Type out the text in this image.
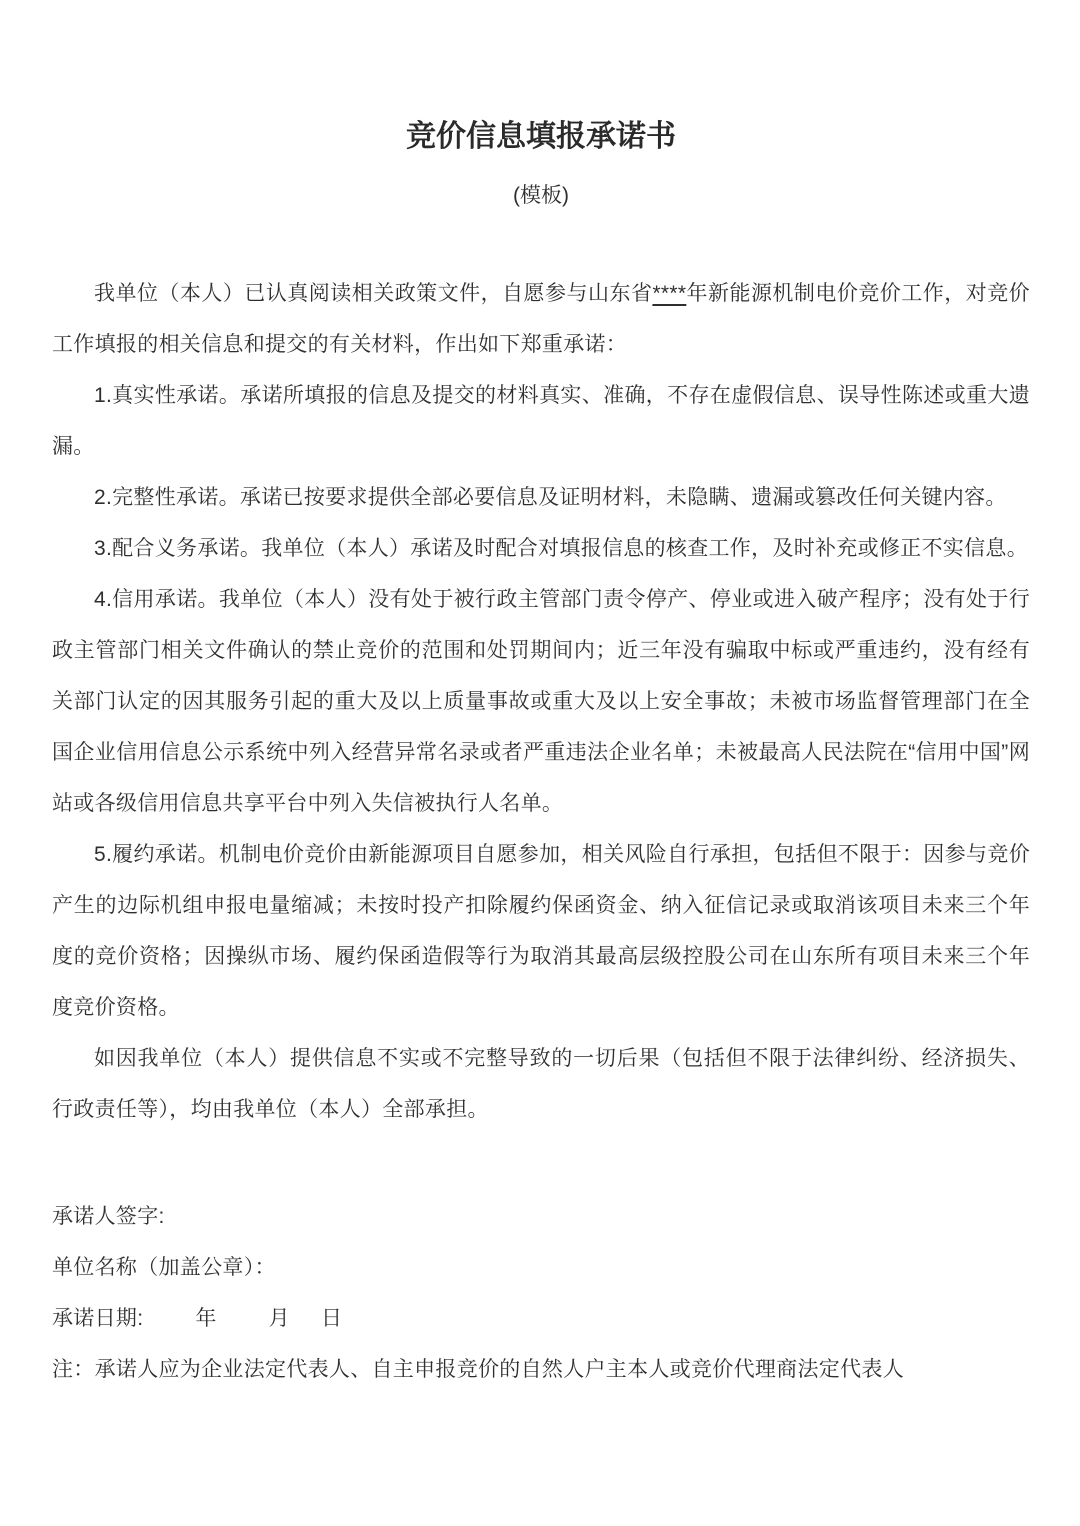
竞价信息填报承诺书
(模板)

我单位（本人）已认真阅读相关政策文件，自愿参与山东省****年新能源机制电价竞价工作，对竞价工作填报的相关信息和提交的有关材料，作出如下郑重承诺：

1.真实性承诺。承诺所填报的信息及提交的材料真实、准确，不存在虚假信息、误导性陈述或重大遗漏。

2.完整性承诺。承诺已按要求提供全部必要信息及证明材料，未隐瞒、遗漏或篡改任何关键内容。

3.配合义务承诺。我单位（本人）承诺及时配合对填报信息的核查工作，及时补充或修正不实信息。

4.信用承诺。我单位（本人）没有处于被行政主管部门责令停产、停业或进入破产程序；没有处于行政主管部门相关文件确认的禁止竞价的范围和处罚期间内；近三年没有骗取中标或严重违约，没有经有关部门认定的因其服务引起的重大及以上质量事故或重大及以上安全事故；未被市场监督管理部门在全国企业信用信息公示系统中列入经营异常名录或者严重违法企业名单；未被最高人民法院在“信用中国”网站或各级信用信息共享平台中列入失信被执行人名单。

5.履约承诺。机制电价竞价由新能源项目自愿参加，相关风险自行承担，包括但不限于：因参与竞价产生的边际机组申报电量缩减；未按时投产扣除履约保函资金、纳入征信记录或取消该项目未来三个年度的竞价资格；因操纵市场、履约保函造假等行为取消其最高层级控股公司在山东所有项目未来三个年度竞价资格。

如因我单位（本人）提供信息不实或不完整导致的一切后果（包括但不限于法律纠纷、经济损失、行政责任等），均由我单位（本人）全部承担。

承诺人签字:

单位名称（加盖公章）：

承诺日期: 年 月 日

注：承诺人应为企业法定代表人、自主申报竞价的自然人户主本人或竞价代理商法定代表人
